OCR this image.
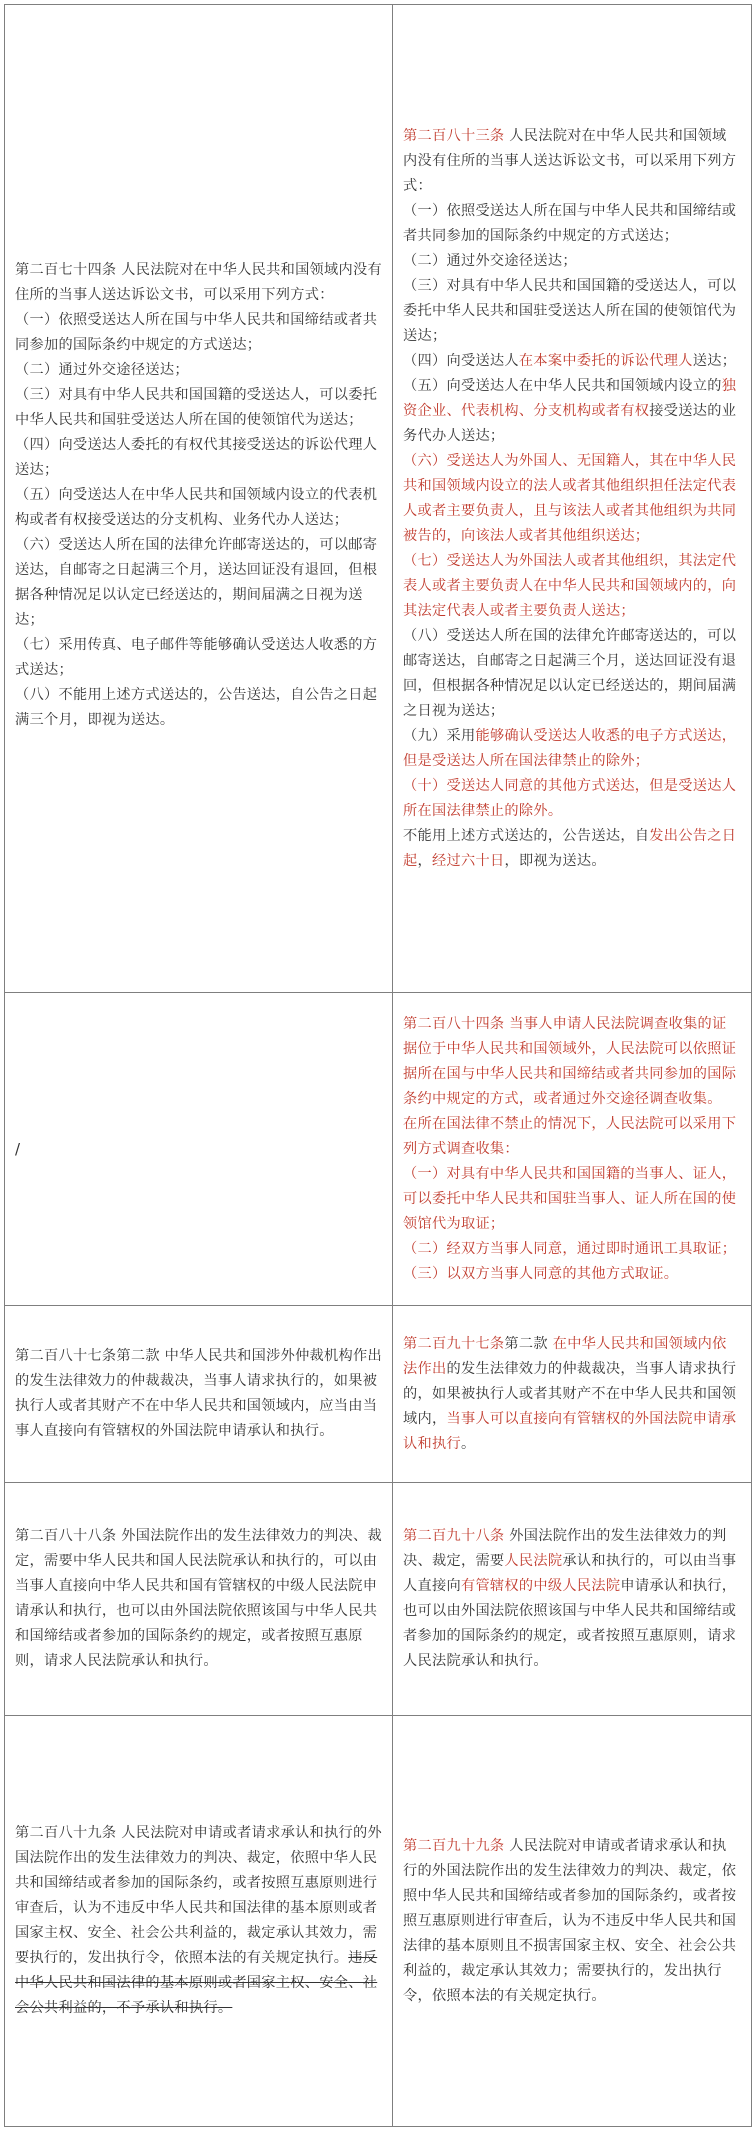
第二百七十四条 人民法院对在中华人民共和国领域内没有住所的当事人送达诉讼文书，可以采用下列方式：

（一）依照受送达人所在国与中华人民共和国缔结或者共同参加的国际条约中规定的方式送达；

（二）通过外交途径送达；

（三）对具有中华人民共和国国籍的受送达人，可以委托中华人民共和国驻受送达人所在国的使领馆代为送达；

（四）向受送达人委托的有权代其接受送达的诉讼代理人送达；

（五）向受送达人在中华人民共和国领域内设立的代表机构或者有权接受送达的分支机构、业务代办人送达；

（六）受送达人所在国的法律允许邮寄送达的，可以邮寄送达，自邮寄之日起满三个月，送达回证没有退回，但根据各种情况足以认定已经送达的，期间届满之日视为送达；

（七）采用传真、电子邮件等能够确认受送达人收悉的方式送达；

（八）不能用上述方式送达的，公告送达，自公告之日起满三个月，即视为送达。

第二百八十三条 人民法院对在中华人民共和国领域内没有住所的当事人送达诉讼文书，可以采用下列方式：

（一）依照受送达人所在国与中华人民共和国缔结或者共同参加的国际条约中规定的方式送达；

（二）通过外交途径送达；

（三）对具有中华人民共和国国籍的受送达人，可以委托中华人民共和国驻受送达人所在国的使领馆代为送达；

（四）向受送达人在本案中委托的诉讼代理人送达；

（五）向受送达人在中华人民共和国领域内设立的独资企业、代表机构、分支机构或者有权接受送达的业务代办人送达；

（六）受送达人为外国人、无国籍人，其在中华人民共和国领域内设立的法人或者其他组织担任法定代表人或者主要负责人，且与该法人或者其他组织为共同被告的，向该法人或者其他组织送达；

（七）受送达人为外国法人或者其他组织，其法定代表人或者主要负责人在中华人民共和国领域内的，向其法定代表人或者主要负责人送达；

（八）受送达人所在国的法律允许邮寄送达的，可以邮寄送达，自邮寄之日起满三个月，送达回证没有退回，但根据各种情况足以认定已经送达的，期间届满之日视为送达；

（九）采用能够确认受送达人收悉的电子方式送达，但是受送达人所在国法律禁止的除外；

（十）受送达人同意的其他方式送达，但是受送达人所在国法律禁止的除外。

不能用上述方式送达的，公告送达，自发出公告之日起，经过六十日，即视为送达。

/

第二百八十四条 当事人申请人民法院调查收集的证据位于中华人民共和国领域外，人民法院可以依照证据所在国与中华人民共和国缔结或者共同参加的国际条约中规定的方式，或者通过外交途径调查收集。

在所在国法律不禁止的情况下，人民法院可以采用下列方式调查收集：

（一）对具有中华人民共和国国籍的当事人、证人，可以委托中华人民共和国驻当事人、证人所在国的使领馆代为取证；

（二）经双方当事人同意，通过即时通讯工具取证；

（三）以双方当事人同意的其他方式取证。

第二百八十七条第二款 中华人民共和国涉外仲裁机构作出的发生法律效力的仲裁裁决，当事人请求执行的，如果被执行人或者其财产不在中华人民共和国领域内，应当由当事人直接向有管辖权的外国法院申请承认和执行。

第二百九十七条第二款 在中华人民共和国领域内依法作出的发生法律效力的仲裁裁决，当事人请求执行的，如果被执行人或者其财产不在中华人民共和国领域内，当事人可以直接向有管辖权的外国法院申请承认和执行。

第二百八十八条 外国法院作出的发生法律效力的判决、裁定，需要中华人民共和国人民法院承认和执行的，可以由当事人直接向中华人民共和国有管辖权的中级人民法院申请承认和执行，也可以由外国法院依照该国与中华人民共和国缔结或者参加的国际条约的规定，或者按照互惠原则，请求人民法院承认和执行。

第二百九十八条 外国法院作出的发生法律效力的判决、裁定，需要人民法院承认和执行的，可以由当事人直接向有管辖权的中级人民法院申请承认和执行，也可以由外国法院依照该国与中华人民共和国缔结或者参加的国际条约的规定，或者按照互惠原则，请求人民法院承认和执行。

第二百八十九条 人民法院对申请或者请求承认和执行的外国法院作出的发生法律效力的判决、裁定，依照中华人民共和国缔结或者参加的国际条约，或者按照互惠原则进行审查后，认为不违反中华人民共和国法律的基本原则或者国家主权、安全、社会公共利益的，裁定承认其效力，需要执行的，发出执行令，依照本法的有关规定执行。违反中华人民共和国法律的基本原则或者国家主权、安全、社会公共利益的，不予承认和执行。

第二百九十九条 人民法院对申请或者请求承认和执行的外国法院作出的发生法律效力的判决、裁定，依照中华人民共和国缔结或者参加的国际条约，或者按照互惠原则进行审查后，认为不违反中华人民共和国法律的基本原则且不损害国家主权、安全、社会公共利益的，裁定承认其效力；需要执行的，发出执行令，依照本法的有关规定执行。
